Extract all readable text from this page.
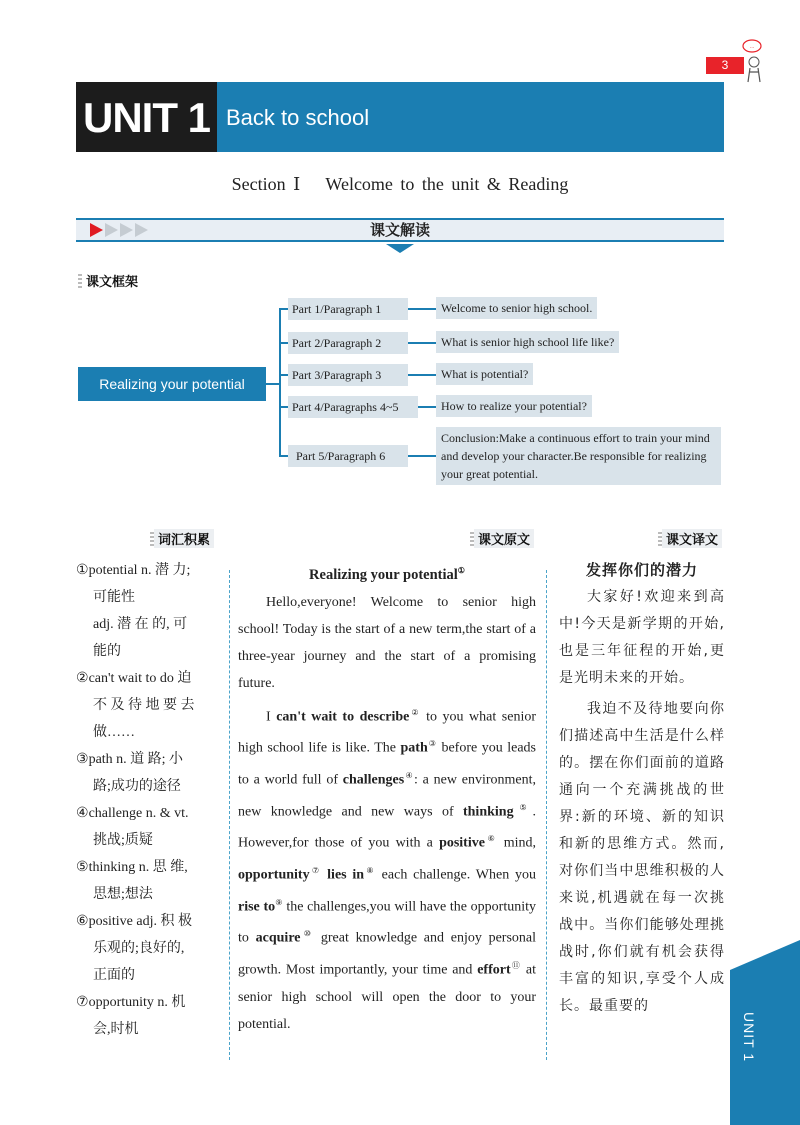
3
...
UNIT 1 Back to school
Section Ⅰ Welcome to the unit & Reading
课文解读
课文框架
Realizing your potential
Part 1/Paragraph 1
Part 2/Paragraph 2
Part 3/Paragraph 3
Part 4/Paragraphs 4~5
Part 5/Paragraph 6
Welcome to senior high school.
What is senior high school life like?
What is potential?
How to realize your potential?
Conclusion:Make a continuous effort to train your mind and develop your character.Be responsible for realizing your great potential.
词汇积累	课文原文	课文译文
①potential n. 潜 力;
可能性
adj. 潜 在 的, 可
能的
②can't wait to do 迫
不 及 待 地 要 去
做……
③path n. 道 路; 小
路;成功的途径
④challenge n. & vt.
挑战;质疑
⑤thinking n. 思 维,
思想;想法
⑥positive adj. 积 极
乐观的;良好的,
正面的
⑦opportunity n. 机
会,时机

Realizing your potential①

Hello,everyone! Welcome to senior high school! Today is the start of a new term,the start of a three-year journey and the start of a promising future.

I can't wait to describe② to you what senior high school life is like. The path③ before you leads to a world full of challenges④: a new environment, new knowledge and new ways of thinking⑤. However,for those of you with a positive⑥ mind, opportunity⑦ lies in⑧ each challenge. When you rise to⑨ the challenges,you will have the opportunity to acquire⑩ great knowledge and enjoy personal growth. Most importantly, your time and effort⑪ at senior high school will open the door to your potential.

发挥你们的潜力

大家好!欢迎来到高中!今天是新学期的开始,也是三年征程的开始,更是光明未来的开始。

我迫不及待地要向你们描述高中生活是什么样的。摆在你们面前的道路通向一个充满挑战的世界:新的环境、新的知识和新的思维方式。然而,对你们当中思维积极的人来说,机遇就在每一次挑战中。当你们能够处理挑战时,你们就有机会获得丰富的知识,享受个人成长。最重要的

UNIT 1
